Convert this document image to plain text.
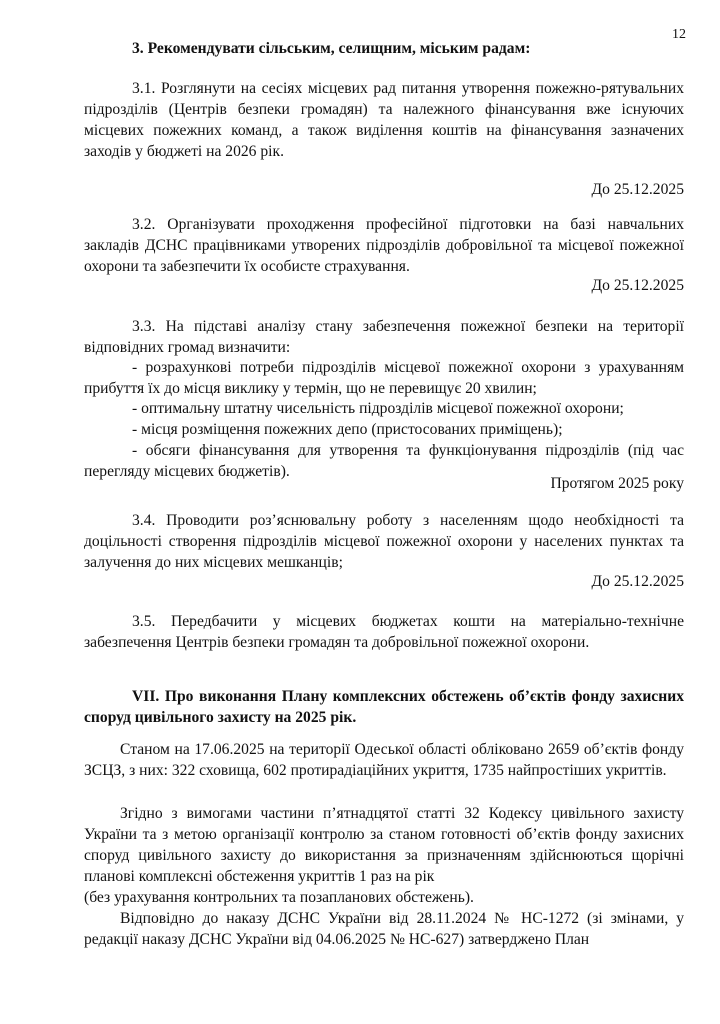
12
3. Рекомендувати сільським, селищним, міським радам:
3.1. Розглянути на сесіях місцевих рад питання утворення пожежно-рятувальних підрозділів (Центрів безпеки громадян) та належного фінансування вже існуючих місцевих пожежних команд, а також виділення коштів на фінансування зазначених заходів у бюджеті на 2026 рік.
До 25.12.2025
3.2. Організувати проходження професійної підготовки на базі навчальних закладів ДСНС працівниками утворених підрозділів добровільної та місцевої пожежної охорони та забезпечити їх особисте страхування.
До 25.12.2025
3.3. На підставі аналізу стану забезпечення пожежної безпеки на території відповідних громад визначити:
- розрахункові потреби підрозділів місцевої пожежної охорони з урахуванням прибуття їх до місця виклику у термін, що не перевищує 20 хвилин;
- оптимальну штатну чисельність підрозділів місцевої пожежної охорони;
- місця розміщення пожежних депо (пристосованих приміщень);
- обсяги фінансування для утворення та функціонування підрозділів (під час перегляду місцевих бюджетів).
Протягом 2025 року
3.4. Проводити роз’яснювальну роботу з населенням щодо необхідності та доцільності створення підрозділів місцевої пожежної охорони у населених пунктах та залучення до них місцевих мешканців;
До 25.12.2025
3.5. Передбачити у місцевих бюджетах кошти на матеріально-технічне забезпечення Центрів безпеки громадян та добровільної пожежної охорони.
VII. Про виконання Плану комплексних обстежень об’єктів фонду захисних споруд цивільного захисту на 2025 рік.
Станом на 17.06.2025 на території Одеської області обліковано 2659 об’єктів фонду ЗСЦЗ, з них: 322 сховища, 602 протирадіаційних укриття, 1735 найпростіших укриттів.
Згідно з вимогами частини п’ятнадцятої статті 32 Кодексу цивільного захисту України та з метою організації контролю за станом готовності об’єктів фонду захисних споруд цивільного захисту до використання за призначенням здійснюються щорічні планові комплексні обстеження укриттів 1 раз на рік
(без урахування контрольних та позапланових обстежень).
Відповідно до наказу ДСНС України від 28.11.2024 № НС-1272 (зі змінами, у редакції наказу ДСНС України від 04.06.2025 № НС-627) затверджено План
